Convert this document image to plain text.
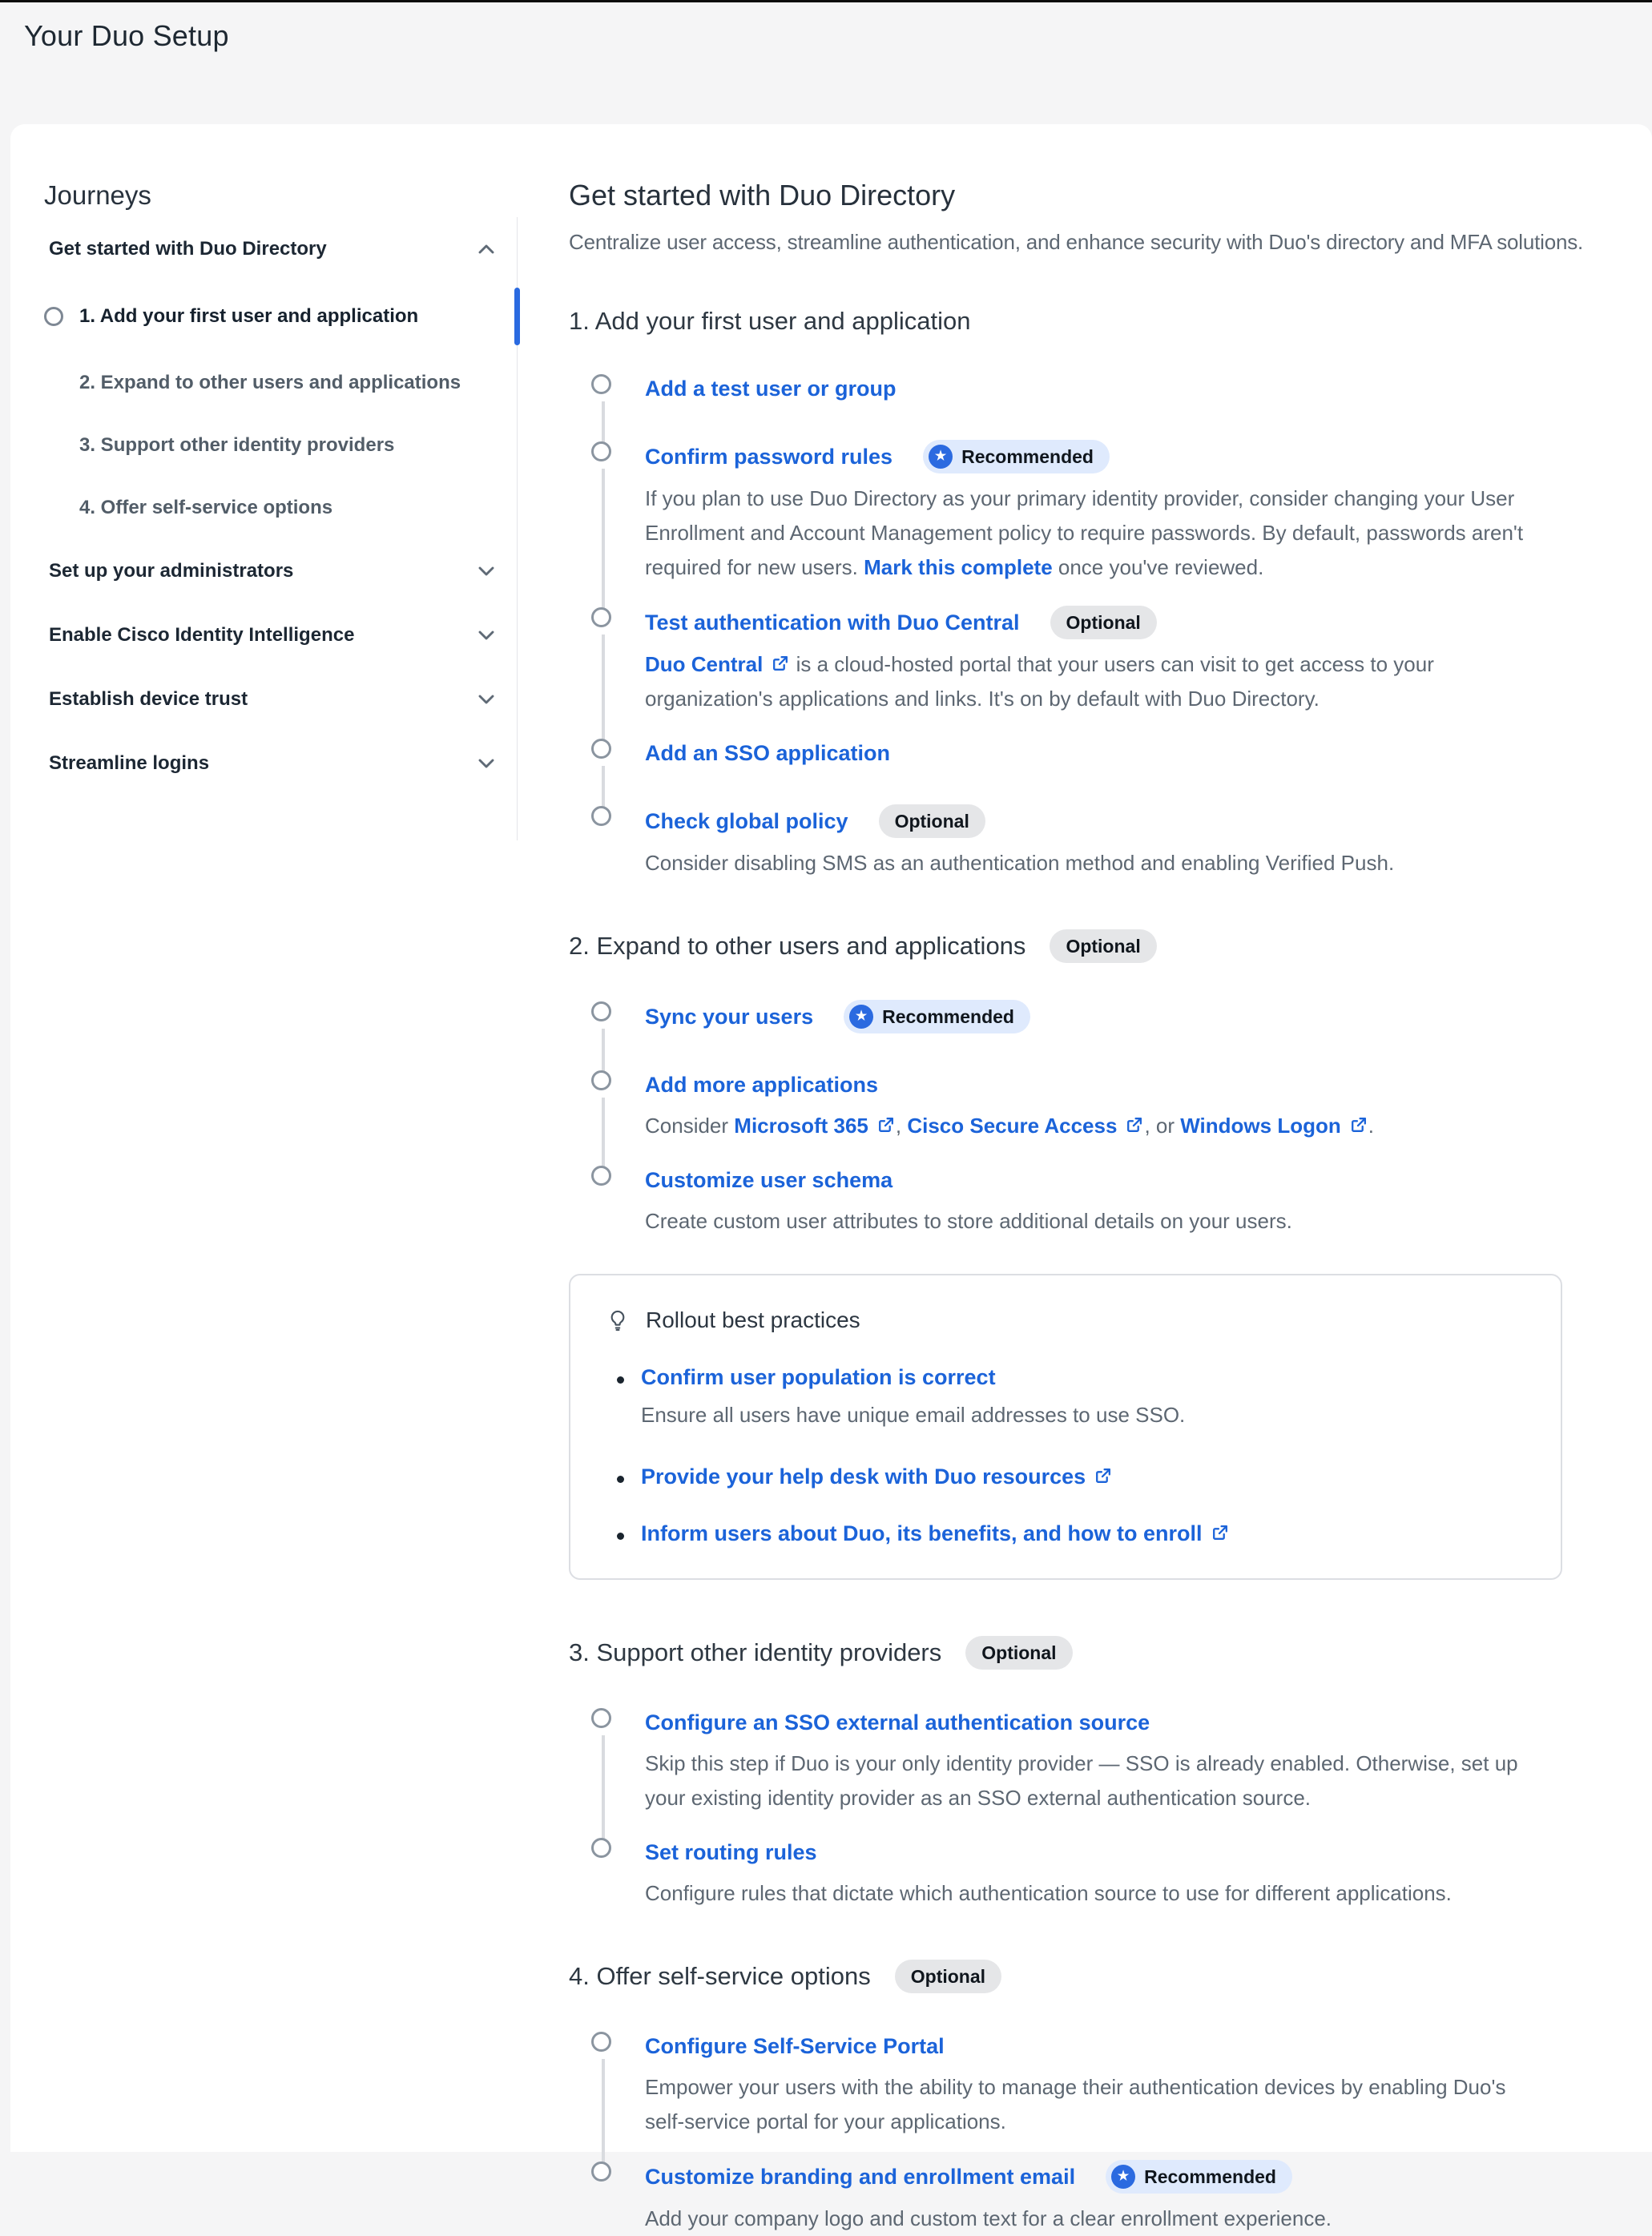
Your Duo Setup
Journeys
Get started with Duo Directory
1. Add your first user and application
2. Expand to other users and applications
3. Support other identity providers
4. Offer self-service options
Set up your administrators
Enable Cisco Identity Intelligence
Establish device trust
Streamline logins
Get started with Duo Directory

Centralize user access, streamline authentication, and enhance security with Duo's directory and MFA solutions.

1. Add your first user and application
Add a test user or group
Confirm password rules	★ Recommended

If you plan to use Duo Directory as your primary identity provider, consider changing your User Enrollment and Account Management policy to require passwords. By default, passwords aren't required for new users. Mark this complete once you've reviewed.

Test authentication with Duo Central	Optional

Duo Central
is a cloud-hosted portal that your users can visit to get access to your organization's applications and links. It's on by default with Duo Directory.

Add an SSO application
Check global policy	Optional

Consider disabling SMS as an authentication method and enabling Verified Push.

2. Expand to other users and applications Optional
Sync your users	★ Recommended
Add more applications

Consider Microsoft 365 , Cisco Secure Access , or Windows Logon .

Customize user schema

Create custom user attributes to store additional details on your users.

Rollout best practices
Confirm user population is correct

Ensure all users have unique email addresses to use SSO.

Provide your help desk with Duo resources
Inform users about Duo, its benefits, and how to enroll
3. Support other identity providers Optional
Configure an SSO external authentication source

Skip this step if Duo is your only identity provider — SSO is already enabled. Otherwise, set up your existing identity provider as an SSO external authentication source.

Set routing rules

Configure rules that dictate which authentication source to use for different applications.

4. Offer self-service options Optional
Configure Self-Service Portal

Empower your users with the ability to manage their authentication devices by enabling Duo's self-service portal for your applications.

Customize branding and enrollment email	★ Recommended

Add your company logo and custom text for a clear enrollment experience.
